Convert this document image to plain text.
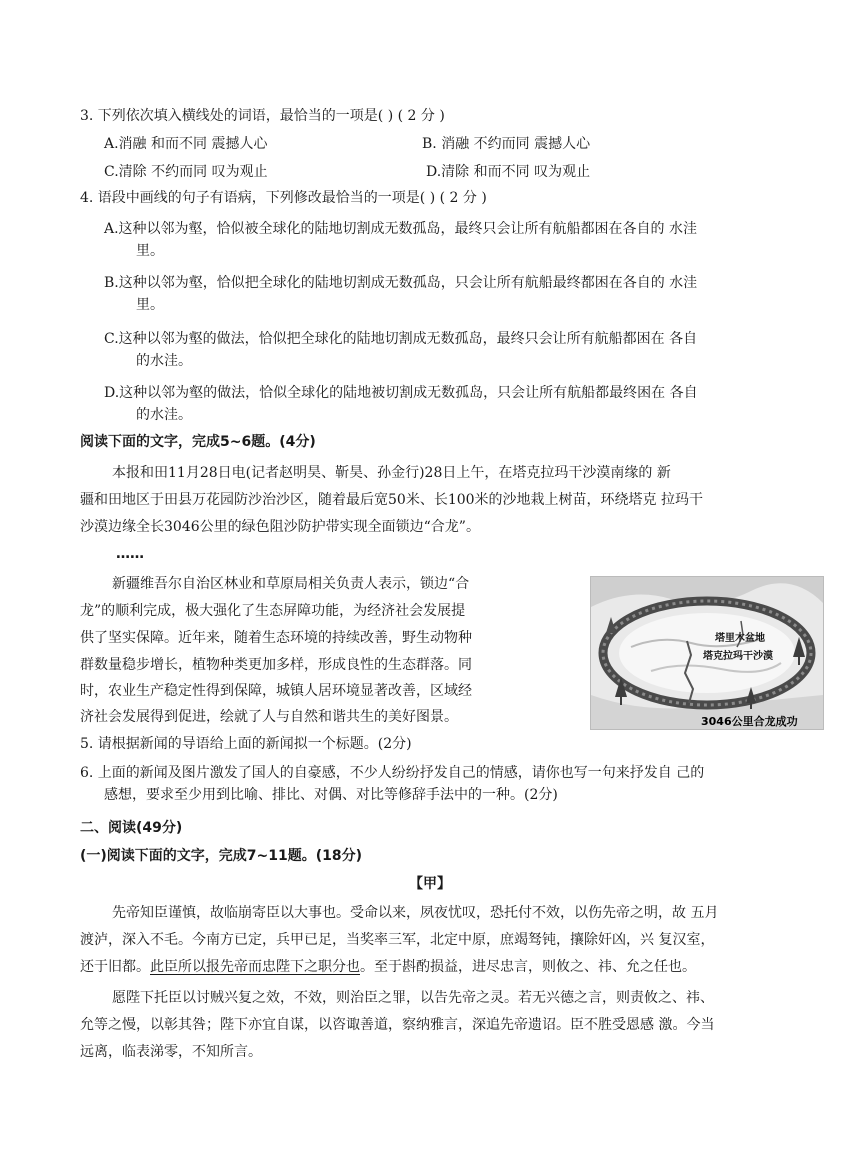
3. 下列依次填入横线处的词语，最恰当的一项是( ) ( 2 分 )
A.消融 和而不同 震撼人心	B. 消融 不约而同 震撼人心
C.清除 不约而同 叹为观止	D.清除 和而不同 叹为观止
4. 语段中画线的句子有语病，下列修改最恰当的一项是( ) ( 2 分 )
A.这种以邻为壑，恰似被全球化的陆地切割成无数孤岛，最终只会让所有航船都困在各自的 水洼
里。
B.这种以邻为壑，恰似把全球化的陆地切割成无数孤岛，只会让所有航船最终都困在各自的 水洼
里。
C.这种以邻为壑的做法，恰似把全球化的陆地切割成无数孤岛，最终只会让所有航船都困在 各自
的水洼。
D.这种以邻为壑的做法，恰似全球化的陆地被切割成无数孤岛，只会让所有航船都最终困在 各自
的水洼。
阅读下面的文字，完成5~6题。(4分)
本报和田11月28日电(记者赵明昊、靳昊、孙金行)28日上午，在塔克拉玛干沙漠南缘的 新
疆和田地区于田县万花园防沙治沙区，随着最后宽50米、长100米的沙地栽上树苗，环绕塔克 拉玛干
沙漠边缘全长3046公里的绿色阻沙防护带实现全面锁边“合龙”。
……
新疆维吾尔自治区林业和草原局相关负责人表示，锁边“合
龙”的顺利完成，极大强化了生态屏障功能，为经济社会发展提
供了坚实保障。近年来，随着生态环境的持续改善，野生动物种
群数量稳步增长，植物种类更加多样，形成良性的生态群落。同
时，农业生产稳定性得到保障，城镇人居环境显著改善，区域经
济社会发展得到促进，绘就了人与自然和谐共生的美好图景。
塔里木盆地
塔克拉玛干沙漠
3046公里合龙成功
5. 请根据新闻的导语给上面的新闻拟一个标题。(2分)
6. 上面的新闻及图片激发了国人的自豪感，不少人纷纷抒发自己的情感，请你也写一句来抒发自 己的
感想，要求至少用到比喻、排比、对偶、对比等修辞手法中的一种。(2分)
二、阅读(49分)
(一)阅读下面的文字，完成7~11题。(18分)
【甲】
先帝知臣谨慎，故临崩寄臣以大事也。受命以来，夙夜忧叹，恐托付不效，以伤先帝之明，故 五月
渡泸，深入不毛。今南方已定，兵甲已足，当奖率三军，北定中原，庶竭驽钝，攘除奸凶，兴 复汉室，
还于旧都。此臣所以报先帝而忠陛下之职分也。至于斟酌损益，进尽忠言，则攸之、祎、允之任也。
愿陛下托臣以讨贼兴复之效，不效，则治臣之罪，以告先帝之灵。若无兴德之言，则责攸之、祎、
允等之慢，以彰其咎；陛下亦宜自谋，以咨诹善道，察纳雅言，深追先帝遗诏。臣不胜受恩感 激。今当
远离，临表涕零，不知所言。
